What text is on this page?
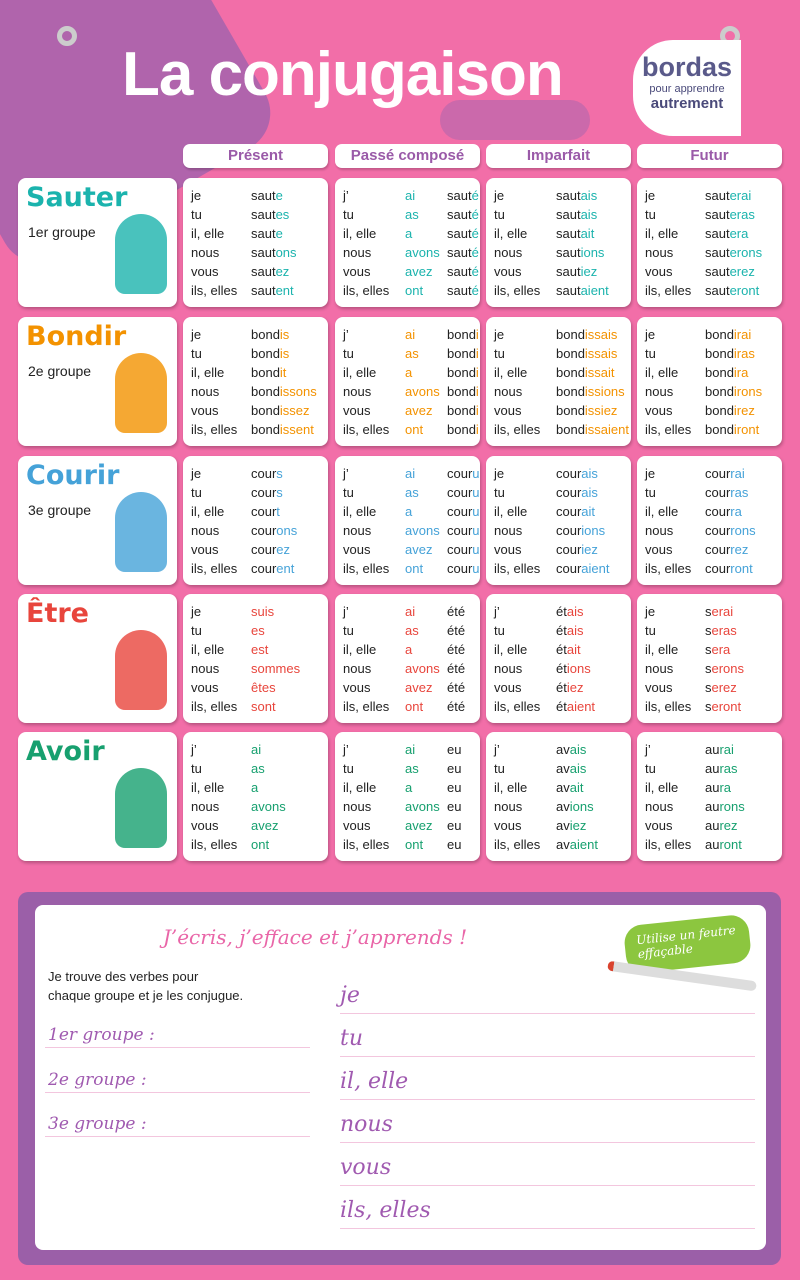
La conjugaison	bordas
pour apprendre
autrement
Présent	Passé composé	Imparfait	Futur
Sauter
1er groupe
je	saute
tu	sautes
il, elle saute
nous sautons
vous	sautez
ils, elles sautent
j’	ai sauté
tu	as sauté
il, elle a	sauté
nous	avons sauté
vous	avez sauté
ils, elles ont sauté
je	sautais
tu	sautais
il, elle sautait
nous	sautions
vous	sautiez
ils, elles sautaient
je	sauterai
tu	sauteras
il, elle sautera
nous sauterons
vous	sauterez
ils, elles sauteront
Bondir
2e groupe
je	bondis
tu	bondis
il, elle bondit
nous bondissons
vous	bondissez
ils, elles bondissent
j’	ai bondi
tu	as bondi
il, elle a	bondi
nous	avons bondi
vous	avez bondi
ils, elles ont bondi
je	bondissais
tu	bondissais
il, elle bondissait
nous	bondissions
vous	bondissiez
ils, elles bondissaient
je	bondirai
tu	bondiras
il, elle bondira
nous bondirons
vous	bondirez
ils, elles bondiront
Courir
3e groupe
je	cours
tu	cours
il, elle court
nous courons
vous	courez
ils, elles courent
j’	ai couru
tu	as couru
il, elle a	couru
nous	avons couru
vous	avez couru
ils, elles ont couru
je	courais
tu	courais
il, elle courait
nous	courions
vous	couriez
ils, elles couraient
je	courrai
tu	courras
il, elle courra
nous courrons
vous	courrez
ils, elles courront
Être	je	suis
tu	es
il, elle est
nous sommes
vous	êtes
ils, elles sont
j’	ai été
tu	as été
il, elle a	été
nous	avons été
vous	avez été
ils, elles ont été
j’	étais
tu	étais
il, elle était
nous	étions
vous	étiez
ils, elles étaient
je	serai
tu	seras
il, elle sera
nous serons
vous	serez
ils, elles seront
Avoir	j’	ai
tu	as
il, elle a
nous avons
vous	avez
ils, elles ont
j’	ai eu
tu	as eu
il, elle a	eu
nous	avons eu
vous	avez eu
ils, elles ont eu
j’	avais
tu	avais
il, elle avait
nous	avions
vous	aviez
ils, elles avaient
j’	aurai
tu	auras
il, elle aura
nous aurons
vous	aurez
ils, elles auront
J’écris, j’efface et j’apprends !	Utilise un feutre effaçable
Je trouve des verbes pour
chaque groupe et je les conjugue.
1er groupe :
2e groupe :
3e groupe :
je
tu
il, elle
nous
vous
ils, elles
